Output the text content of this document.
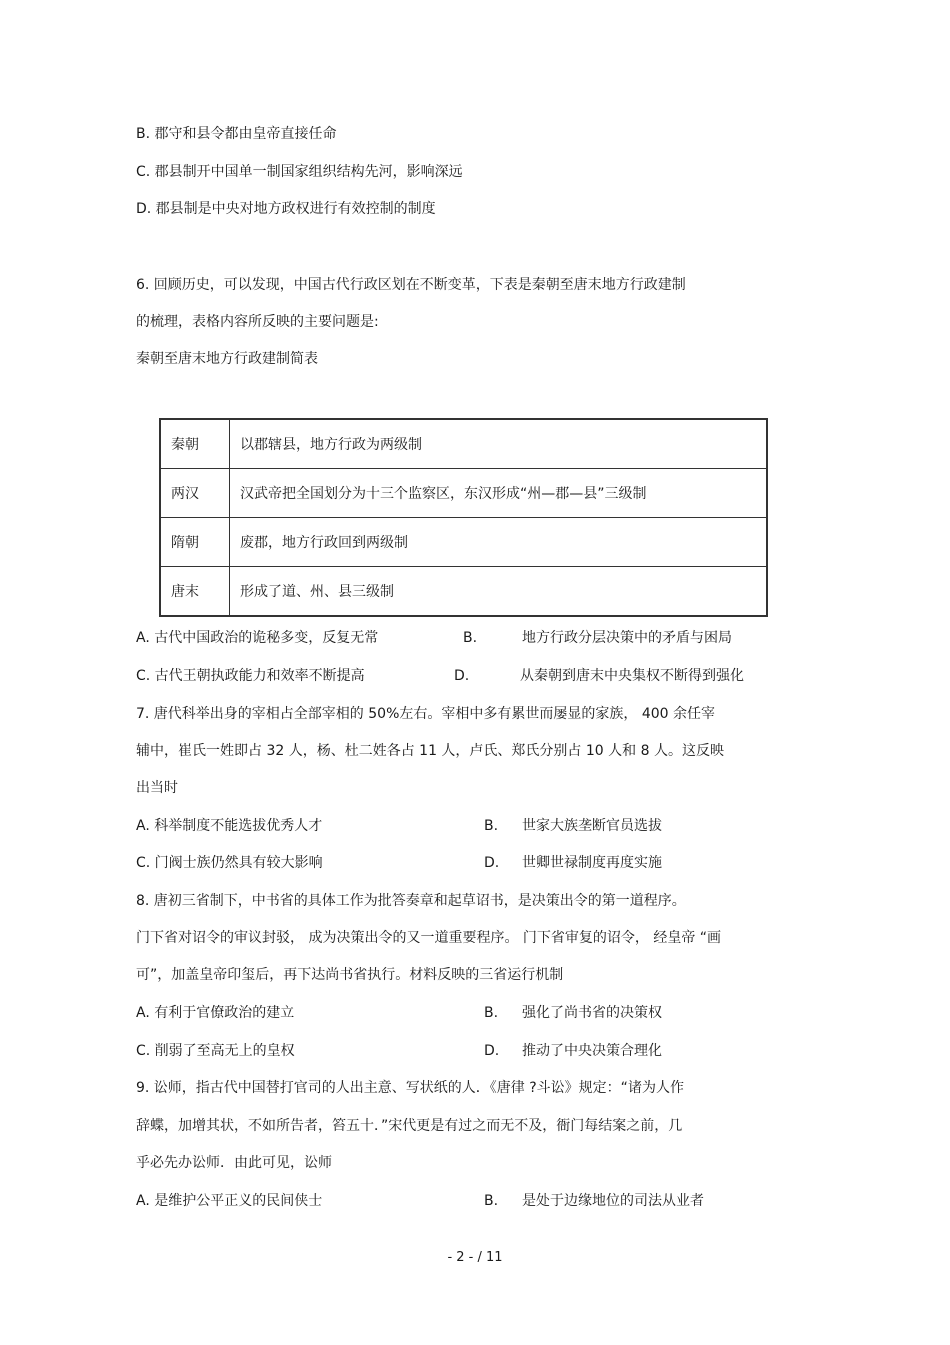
B. 郡守和县令都由皇帝直接任命
C. 郡县制开中国单一制国家组织结构先河，影响深远
D. 郡县制是中央对地方政权进行有效控制的制度
6. 回顾历史，可以发现，中国古代行政区划在不断变革，下表是秦朝至唐末地方行政建制
的梳理，表格内容所反映的主要问题是:
秦朝至唐末地方行政建制简表
秦朝	以郡辖县，地方行政为两级制
两汉	汉武帝把全国划分为十三个监察区，东汉形成“州—郡—县”三级制
隋朝	废郡，地方行政回到两级制
唐末	形成了道、州、县三级制
A. 古代中国政治的诡秘多变，反复无常	B.	地方行政分层决策中的矛盾与困局
C. 古代王朝执政能力和效率不断提高	D.	从秦朝到唐末中央集权不断得到强化
7. 唐代科举出身的宰相占全部宰相的 50%左右。宰相中多有累世而屡显的家族， 400 余任宰
辅中，崔氏一姓即占 32 人，杨、杜二姓各占 11 人，卢氏、郑氏分别占 10 人和 8 人。这反映
出当时
A. 科举制度不能选拔优秀人才	B. 世家大族垄断官员选拔
C. 门阀士族仍然具有较大影响	D. 世卿世禄制度再度实施
8. 唐初三省制下，中书省的具体工作为批答奏章和起草诏书，是决策出令的第一道程序。
门下省对诏令的审议封驳， 成为决策出令的又一道重要程序。 门下省审复的诏令， 经皇帝 “画
可”，加盖皇帝印玺后，再下达尚书省执行。材料反映的三省运行机制
A. 有利于官僚政治的建立	B. 强化了尚书省的决策权
C. 削弱了至高无上的皇权	D. 推动了中央决策合理化
9. 讼师，指古代中国替打官司的人出主意、写状纸的人．《唐律 ?斗讼》规定：“诸为人作
辞蝶，加增其状，不如所告者，笞五十．”宋代更是有过之而无不及，衙门每结案之前，几
乎必先办讼师．由此可见，讼师
A. 是维护公平正义的民间侠士	B. 是处于边缘地位的司法从业者
- 2 - / 11
